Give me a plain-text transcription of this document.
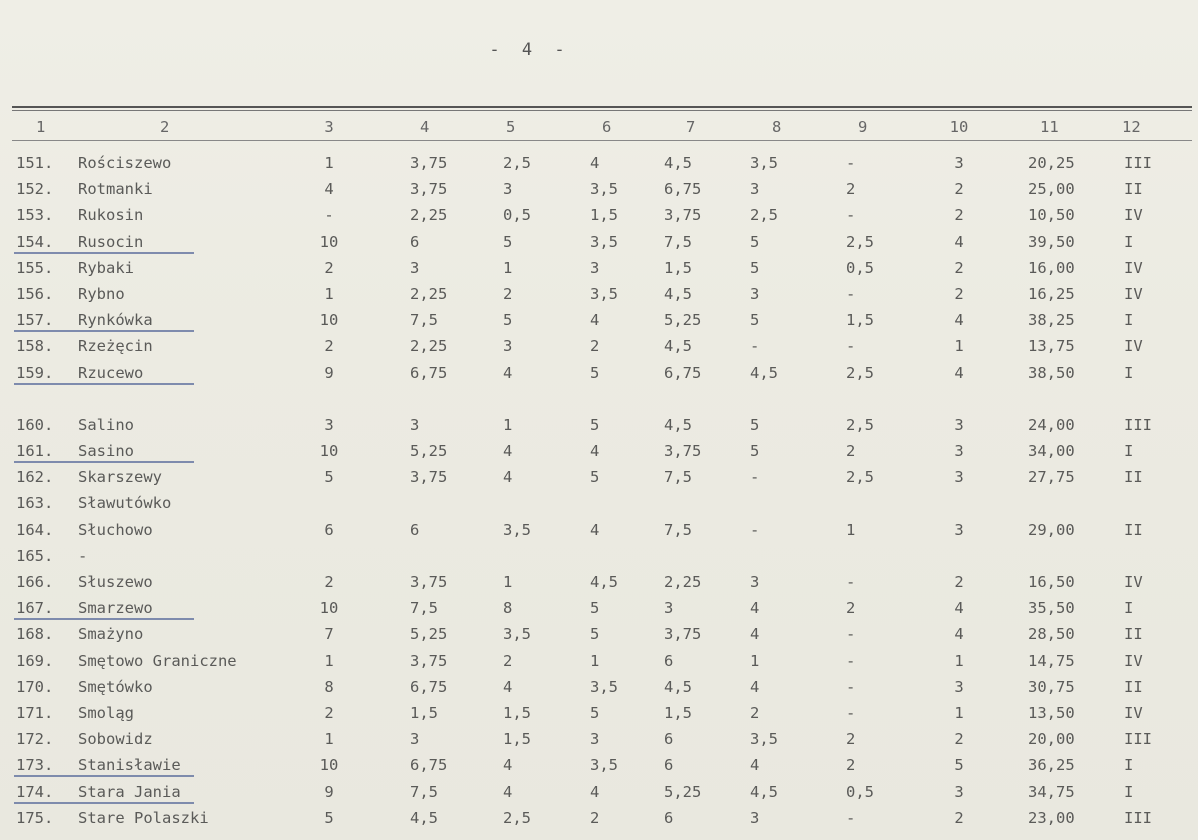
- 4 -
1	2	3	4	5	6	7	8	9	10	11	12
151.	Rościszewo	1	3,75	2,5	4	4,5	3,5	-	3	20,25	III
152.	Rotmanki	4	3,75	3	3,5	6,75	3	2	2	25,00	II
153.	Rukosin	-	2,25	0,5	1,5	3,75	2,5	-	2	10,50	IV
154.	Rusocin	10	6	5	3,5	7,5	5	2,5	4	39,50	I
155.	Rybaki	2	3	1	3	1,5	5	0,5	2	16,00	IV
156.	Rybno	1	2,25	2	3,5	4,5	3	-	2	16,25	IV
157.	Rynkówka	10	7,5	5	4	5,25	5	1,5	4	38,25	I
158.	Rzeżęcin	2	2,25	3	2	4,5	-	-	1	13,75	IV
159.	Rzucewo	9	6,75	4	5	6,75	4,5	2,5	4	38,50	I
160.	Salino	3	3	1	5	4,5	5	2,5	3	24,00	III
161.	Sasino	10	5,25	4	4	3,75	5	2	3	34,00	I
162.	Skarszewy	5	3,75	4	5	7,5	-	2,5	3	27,75	II
163.	Sławutówko
164.	Słuchowo	6	6	3,5	4	7,5	-	1	3	29,00	II
165.	-
166.	Słuszewo	2	3,75	1	4,5	2,25	3	-	2	16,50	IV
167.	Smarzewo	10	7,5	8	5	3	4	2	4	35,50	I
168.	Smażyno	7	5,25	3,5	5	3,75	4	-	4	28,50	II
169.	Smętowo Graniczne	1	3,75	2	1	6	1	-	1	14,75	IV
170.	Smętówko	8	6,75	4	3,5	4,5	4	-	3	30,75	II
171.	Smoląg	2	1,5	1,5	5	1,5	2	-	1	13,50	IV
172.	Sobowidz	1	3	1,5	3	6	3,5	2	2	20,00	III
173.	Stanisławie	10	6,75	4	3,5	6	4	2	5	36,25	I
174.	Stara Jania	9	7,5	4	4	5,25	4,5	0,5	3	34,75	I
175.	Stare Polaszki	5	4,5	2,5	2	6	3	-	2	23,00	III
